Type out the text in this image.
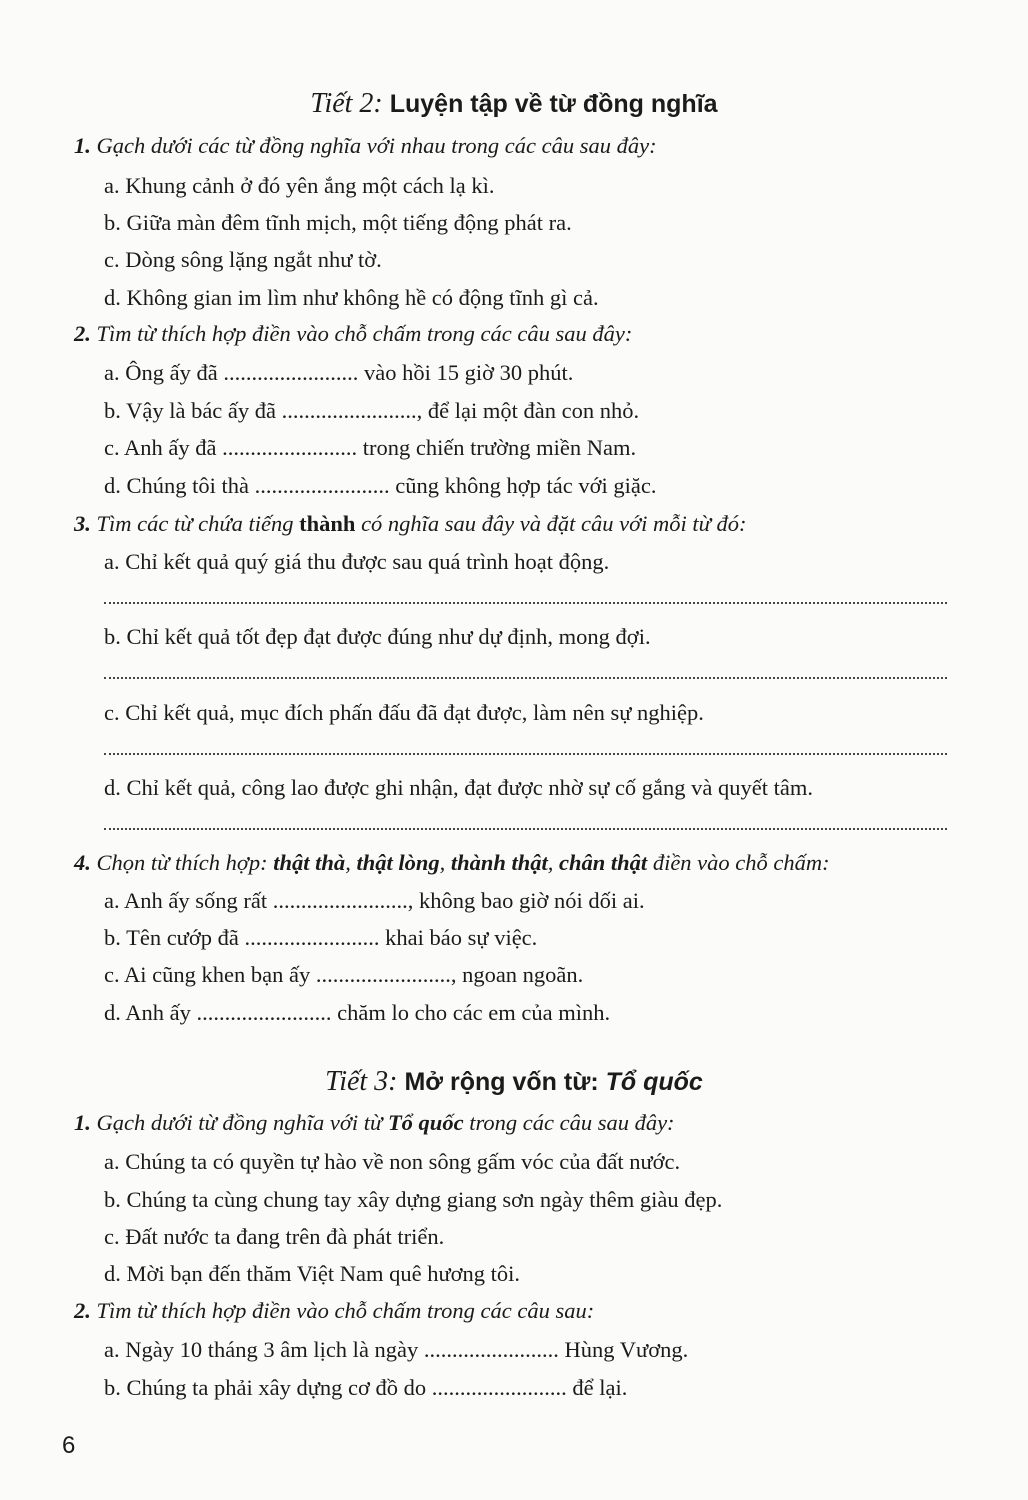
Tiết 2: Luyện tập về từ đồng nghĩa
1. Gạch dưới các từ đồng nghĩa với nhau trong các câu sau đây:
a. Khung cảnh ở đó yên ắng một cách lạ kì.
b. Giữa màn đêm tĩnh mịch, một tiếng động phát ra.
c. Dòng sông lặng ngắt như tờ.
d. Không gian im lìm như không hề có động tĩnh gì cả.
2. Tìm từ thích hợp điền vào chỗ chấm trong các câu sau đây:
a. Ông ấy đã ........................ vào hồi 15 giờ 30 phút.
b. Vậy là bác ấy đã ........................, để lại một đàn con nhỏ.
c. Anh ấy đã ........................ trong chiến trường miền Nam.
d. Chúng tôi thà ........................ cũng không hợp tác với giặc.
3. Tìm các từ chứa tiếng thành có nghĩa sau đây và đặt câu với mỗi từ đó:
a. Chỉ kết quả quý giá thu được sau quá trình hoạt động.
b. Chỉ kết quả tốt đẹp đạt được đúng như dự định, mong đợi.
c. Chỉ kết quả, mục đích phấn đấu đã đạt được, làm nên sự nghiệp.
d. Chỉ kết quả, công lao được ghi nhận, đạt được nhờ sự cố gắng và quyết tâm.
4. Chọn từ thích hợp: thật thà, thật lòng, thành thật, chân thật điền vào chỗ chấm:
a. Anh ấy sống rất ........................, không bao giờ nói dối ai.
b. Tên cướp đã ........................ khai báo sự việc.
c. Ai cũng khen bạn ấy ........................, ngoan ngoãn.
d. Anh ấy ........................ chăm lo cho các em của mình.
Tiết 3: Mở rộng vốn từ: Tổ quốc
1. Gạch dưới từ đồng nghĩa với từ Tổ quốc trong các câu sau đây:
a. Chúng ta có quyền tự hào về non sông gấm vóc của đất nước.
b. Chúng ta cùng chung tay xây dựng giang sơn ngày thêm giàu đẹp.
c. Đất nước ta đang trên đà phát triển.
d. Mời bạn đến thăm Việt Nam quê hương tôi.
2. Tìm từ thích hợp điền vào chỗ chấm trong các câu sau:
a. Ngày 10 tháng 3 âm lịch là ngày ........................ Hùng Vương.
b. Chúng ta phải xây dựng cơ đồ do ........................ để lại.
6
